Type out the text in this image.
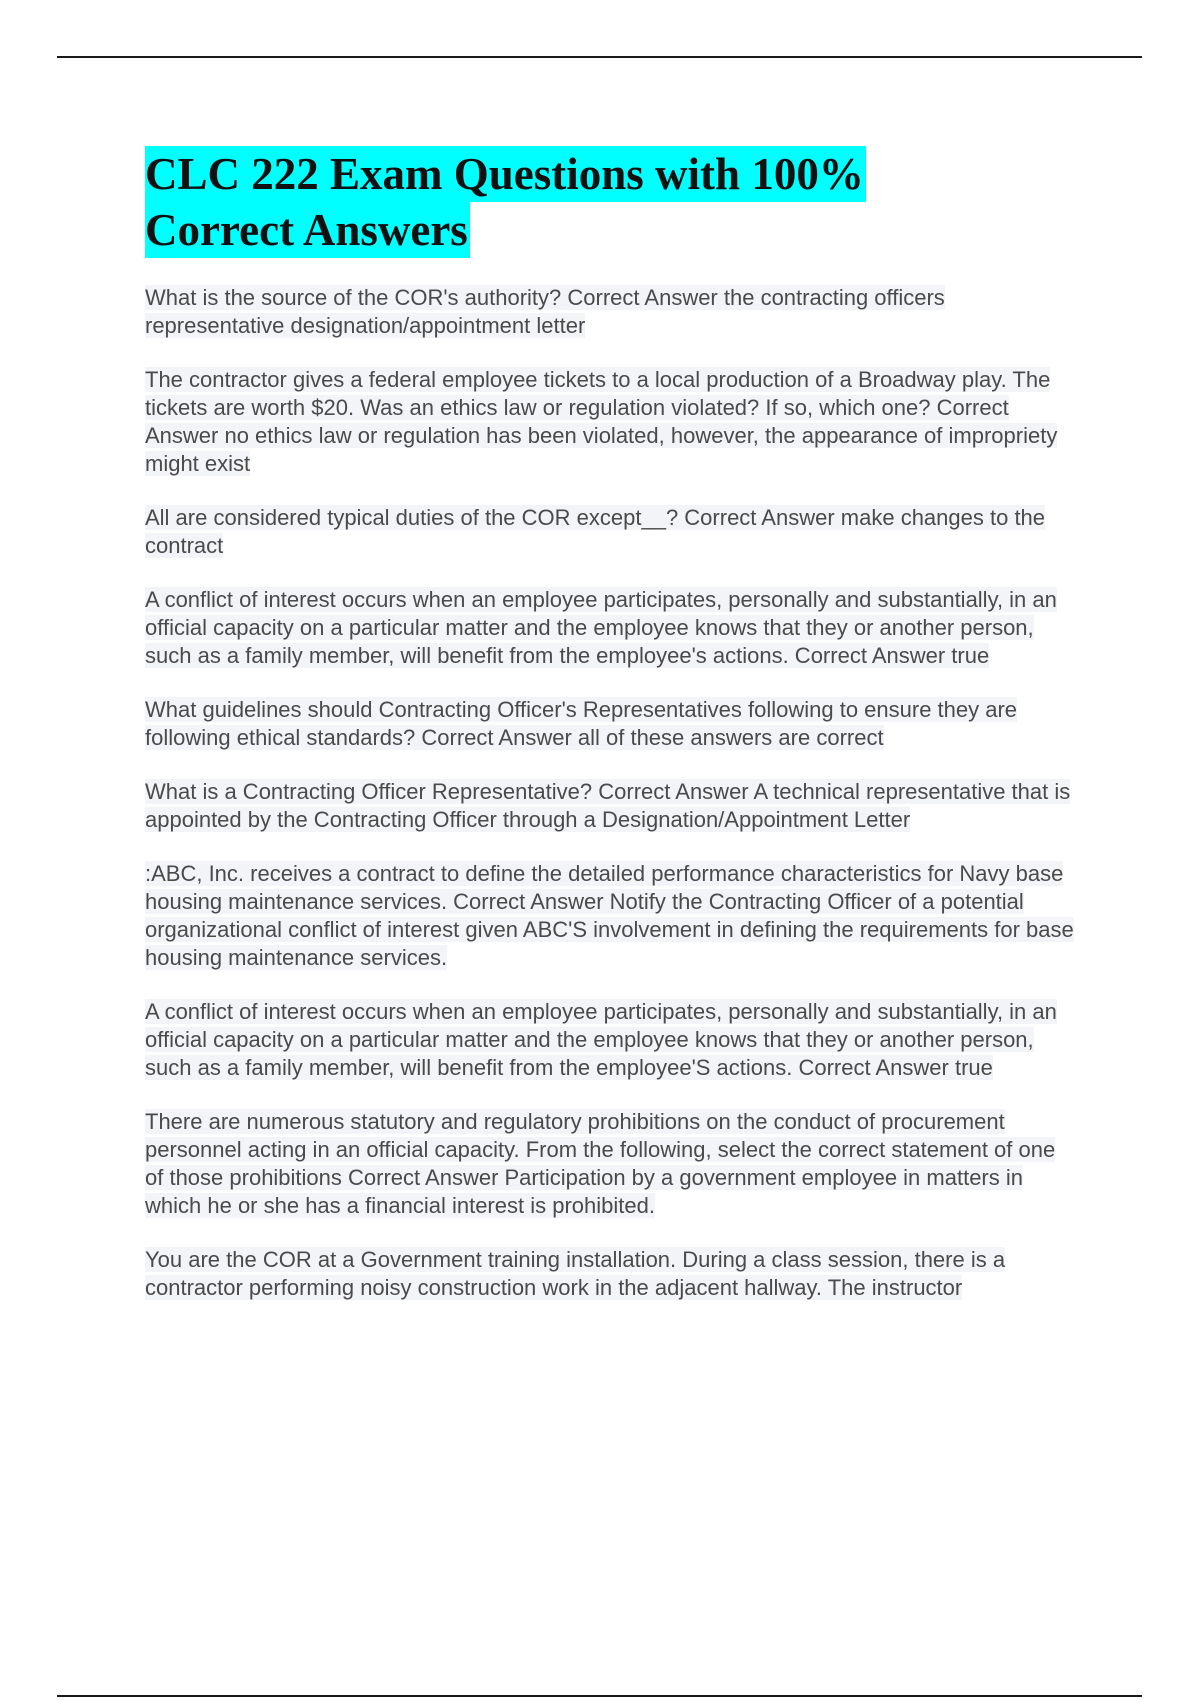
CLC 222 Exam Questions with 100%
Correct Answers

What is the source of the COR's authority? Correct Answer the contracting officers representative designation/appointment letter

The contractor gives a federal employee tickets to a local production of a Broadway play. The tickets are worth $20. Was an ethics law or regulation violated? If so, which one? Correct Answer no ethics law or regulation has been violated, however, the appearance of impropriety might exist

All are considered typical duties of the COR except__? Correct Answer make changes to the contract

A conflict of interest occurs when an employee participates, personally and substantially, in an official capacity on a particular matter and the employee knows that they or another person, such as a family member, will benefit from the employee's actions. Correct Answer true

What guidelines should Contracting Officer's Representatives following to ensure they are following ethical standards? Correct Answer all of these answers are correct

What is a Contracting Officer Representative? Correct Answer A technical representative that is appointed by the Contracting Officer through a Designation/Appointment Letter

:ABC, Inc. receives a contract to define the detailed performance characteristics for Navy base housing maintenance services. Correct Answer Notify the Contracting Officer of a potential organizational conflict of interest given ABC'S involvement in defining the requirements for base housing maintenance services.

A conflict of interest occurs when an employee participates, personally and substantially, in an official capacity on a particular matter and the employee knows that they or another person, such as a family member, will benefit from the employee'S actions. Correct Answer true

There are numerous statutory and regulatory prohibitions on the conduct of procurement personnel acting in an official capacity. From the following, select the correct statement of one of those prohibitions Correct Answer Participation by a government employee in matters in which he or she has a financial interest is prohibited.

You are the COR at a Government training installation. During a class session, there is a contractor performing noisy construction work in the adjacent hallway. The instructor
